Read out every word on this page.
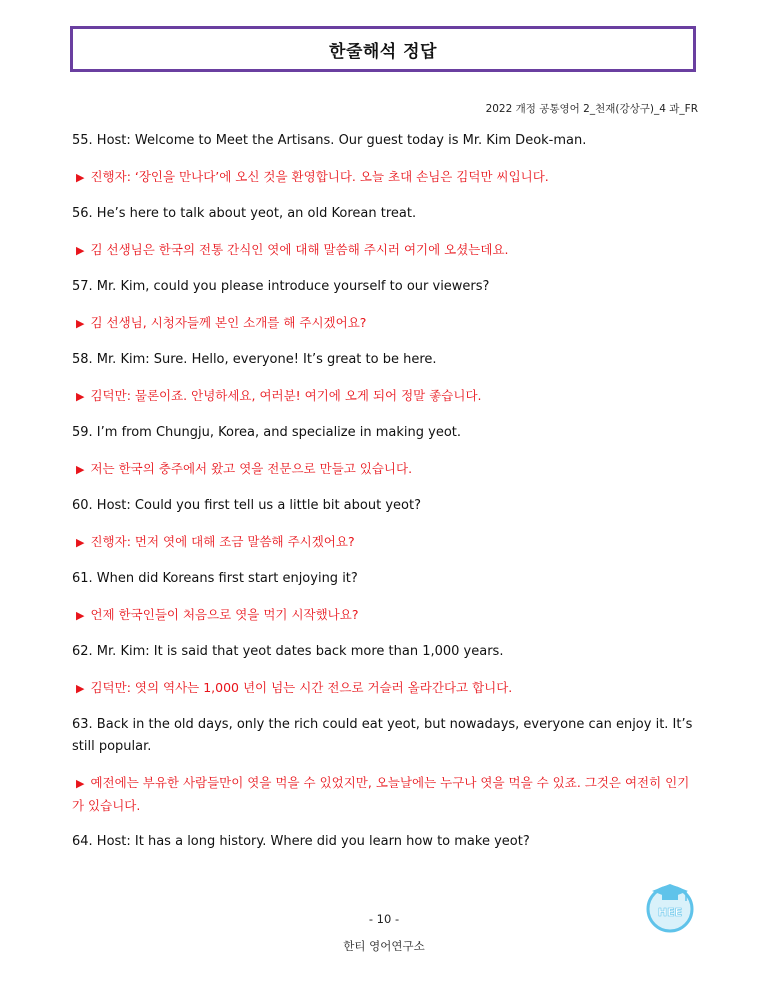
한줄해석 정답
2022 개정 공통영어 2_천재(강상구)_4 과_FR

55. Host: Welcome to Meet the Artisans. Our guest today is Mr. Kim Deok-man.

▶ 진행자: ‘장인을 만나다’에 오신 것을 환영합니다. 오늘 초대 손님은 김덕만 씨입니다.

56. He’s here to talk about yeot, an old Korean treat.

▶ 김 선생님은 한국의 전통 간식인 엿에 대해 말씀해 주시러 여기에 오셨는데요.

57. Mr. Kim, could you please introduce yourself to our viewers?

▶ 김 선생님, 시청자들께 본인 소개를 해 주시겠어요?

58. Mr. Kim: Sure. Hello, everyone! It’s great to be here.

▶ 김덕만: 물론이죠. 안녕하세요, 여러분! 여기에 오게 되어 정말 좋습니다.

59. I’m from Chungju, Korea, and specialize in making yeot.

▶ 저는 한국의 충주에서 왔고 엿을 전문으로 만들고 있습니다.

60. Host: Could you first tell us a little bit about yeot?

▶ 진행자: 먼저 엿에 대해 조금 말씀해 주시겠어요?

61. When did Koreans first start enjoying it?

▶ 언제 한국인들이 처음으로 엿을 먹기 시작했나요?

62. Mr. Kim: It is said that yeot dates back more than 1,000 years.

▶ 김덕만: 엿의 역사는 1,000 년이 넘는 시간 전으로 거슬러 올라간다고 합니다.

63. Back in the old days, only the rich could eat yeot, but nowadays, everyone can enjoy it. It’s still popular.

▶ 예전에는 부유한 사람들만이 엿을 먹을 수 있었지만, 오늘날에는 누구나 엿을 먹을 수 있죠. 그것은 여전히 인기가 있습니다.

64. Host: It has a long history. Where did you learn how to make yeot?

HEE
- 10 -
한티 영어연구소
